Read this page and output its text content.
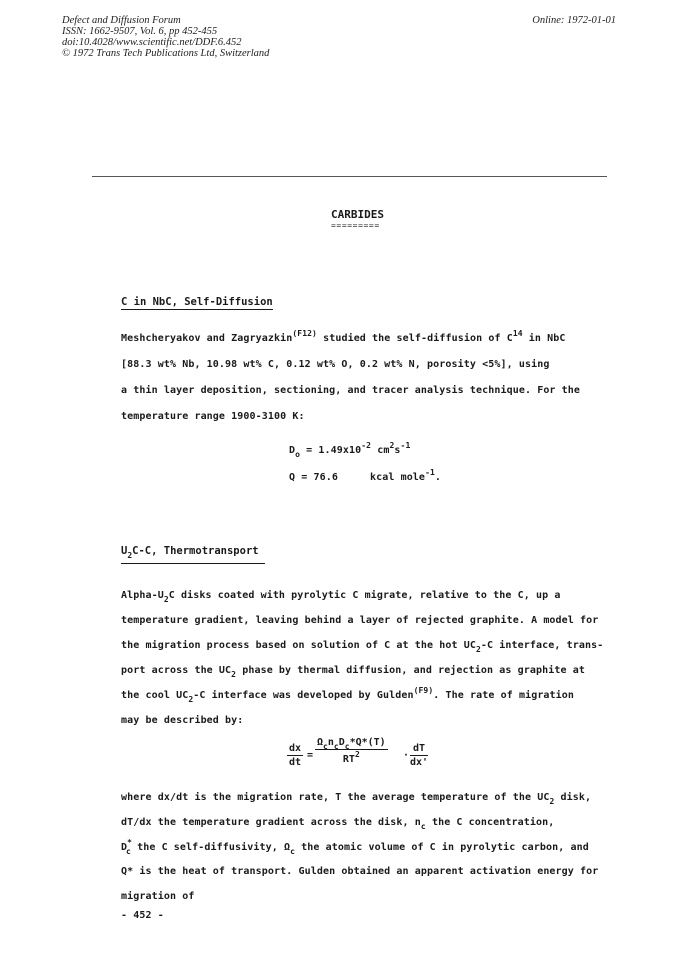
Defect and Diffusion Forum

ISSN: 1662-9507, Vol. 6, pp 452-455

doi:10.4028/www.scientific.net/DDF.6.452

© 1972 Trans Tech Publications Ltd, Switzerland

Online: 1972-01-01

CARBIDES
=========
C in NbC, Self-Diffusion
Meshcheryakov and Zagryazkin$^{(F12)}$ studied the self-diffusion of $C^{14}$ in NbC
[88.3 wt% Nb, 10.98 wt% C, 0.12 wt% O, 0.2 wt% N, porosity <5%], using
a thin layer deposition, sectioning, and tracer analysis technique. For the
temperature range 1900-3100 K:
$D_o = 1.49x10^{-2}$ $cm^2s^{-1}$
Q = 76.6	kcal mole$^{-1}$.
$U_2C-C$, Thermotransport
Alpha-$U_2C$ disks coated with pyrolytic C migrate, relative to the C, up a
temperature gradient, leaving behind a layer of rejected graphite. A model for
the migration process based on solution of C at the hot $UC_2-C$ interface, trans-
port across the $UC_2$ phase by thermal diffusion, and rejection as graphite at
the cool $UC_2-C$ interface was developed by Gulden$^{(F9)}$. The rate of migration
may be described by:
$\frac{dx}{dt}$ =
$\Omega_cn_cD_c*Q*(T)$
$RT^2$	· $\frac{dT}{dx'}$
where dx/dt is the migration rate, T the average temperature of the $UC_2$ disk,
dT/dx the temperature gradient across the disk, $n_c$ the C concentration,
$D^*_c$ the C self-diffusivity, $\Omega_c$ the atomic volume of C in pyrolytic carbon, and
Q* is the heat of transport. Gulden obtained an apparent activation energy for
migration of
- 452 -
